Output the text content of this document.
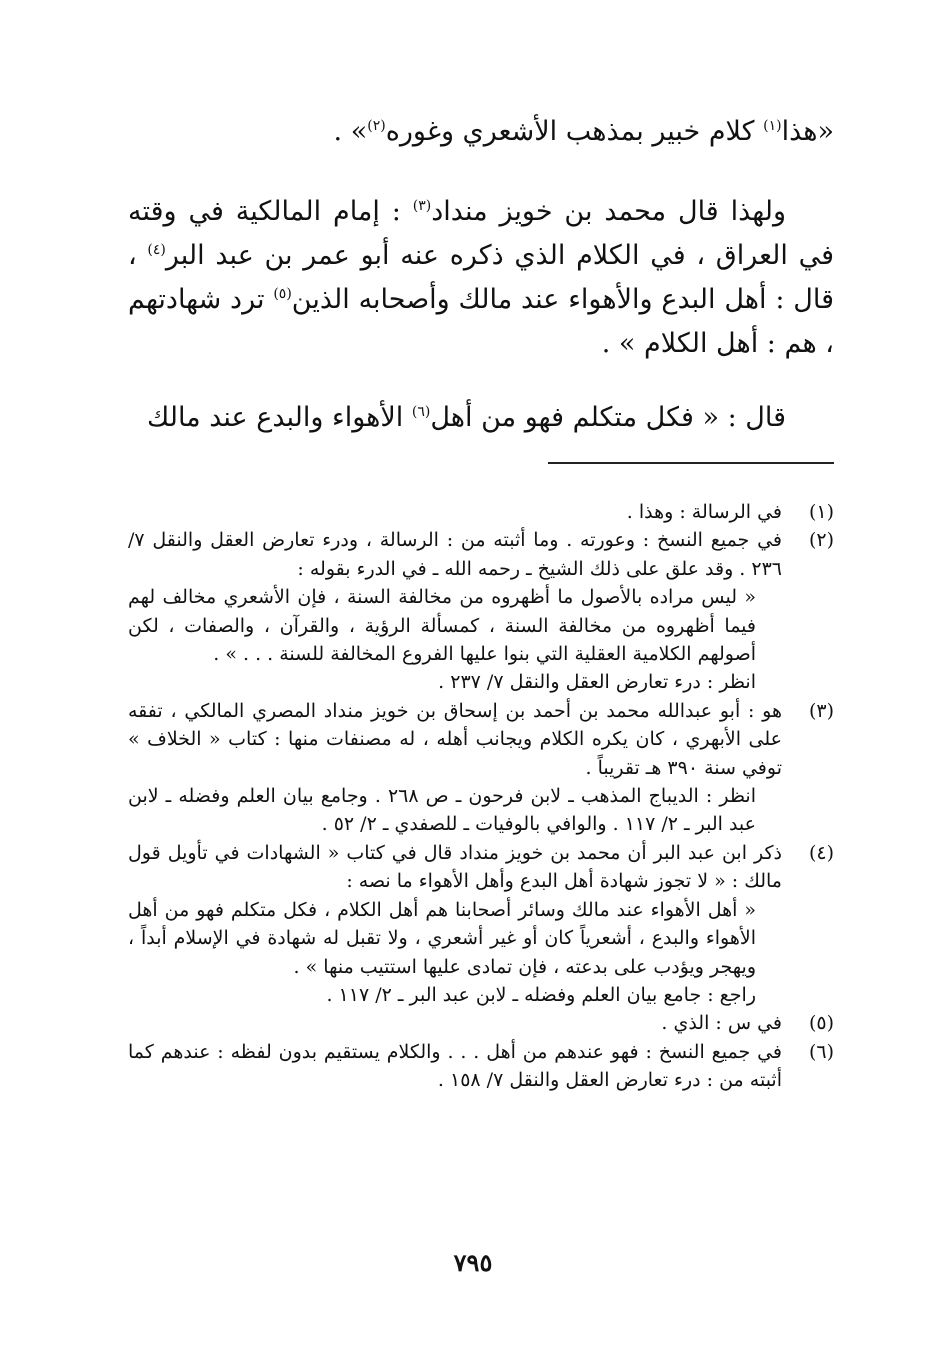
«هذا$^{(١)}$ كلام خبير بمذهب الأشعري وغوره$^{(٢)}$» .
ولهذا قال محمد بن خويز منداد$^{(٣)}$ : إمام المالكية في وقته في العراق ، في الكلام الذي ذكره عنه أبو عمر بن عبد البر$^{(٤)}$ ، قال : أهل البدع والأهواء عند مالك وأصحابه الذين$^{(٥)}$ ترد شهادتهم ، هم : أهل الكلام » .
قال : « فكل متكلم فهو من أهل$^{(٦)}$ الأهواء والبدع عند مالك
(١)
في الرسالة : وهذا .
(٢)
في جميع النسخ : وعورته . وما أثبته من : الرسالة ، ودرء تعارض العقل والنقل ٧/ ٢٣٦ . وقد علق على ذلك الشيخ ـ رحمه الله ـ في الدرء بقوله :
« ليس مراده بالأصول ما أظهروه من مخالفة السنة ، فإن الأشعري مخالف لهم فيما أظهروه من مخالفة السنة ، كمسألة الرؤية ، والقرآن ، والصفات ، لكن أصولهم الكلامية العقلية التي بنوا عليها الفروع المخالفة للسنة . . . » .
انظر : درء تعارض العقل والنقل ٧/ ٢٣٧ .
(٣)
هو : أبو عبدالله محمد بن أحمد بن إسحاق بن خويز منداد المصري المالكي ، تفقه على الأبهري ، كان يكره الكلام ويجانب أهله ، له مصنفات منها : كتاب « الخلاف » توفي سنة ٣٩٠ هـ تقريباً .
انظر : الديباج المذهب ـ لابن فرحون ـ ص ٢٦٨ . وجامع بيان العلم وفضله ـ لابن عبد البر ـ ٢/ ١١٧ . والوافي بالوفيات ـ للصفدي ـ ٢/ ٥٢ .
(٤)
ذكر ابن عبد البر أن محمد بن خويز منداد قال في كتاب « الشهادات في تأويل قول مالك : « لا تجوز شهادة أهل البدع وأهل الأهواء ما نصه :
« أهل الأهواء عند مالك وسائر أصحابنا هم أهل الكلام ، فكل متكلم فهو من أهل الأهواء والبدع ، أشعرياً كان أو غير أشعري ، ولا تقبل له شهادة في الإسلام أبداً ، ويهجر ويؤدب على بدعته ، فإن تمادى عليها استتيب منها » .
راجع : جامع بيان العلم وفضله ـ لابن عبد البر ـ ٢/ ١١٧ .
(٥)
في س : الذي .
(٦)
في جميع النسخ : فهو عندهم من أهل . . . والكلام يستقيم بدون لفظه : عندهم كما أثبته من : درء تعارض العقل والنقل ٧/ ١٥٨ .
٧٩٥
